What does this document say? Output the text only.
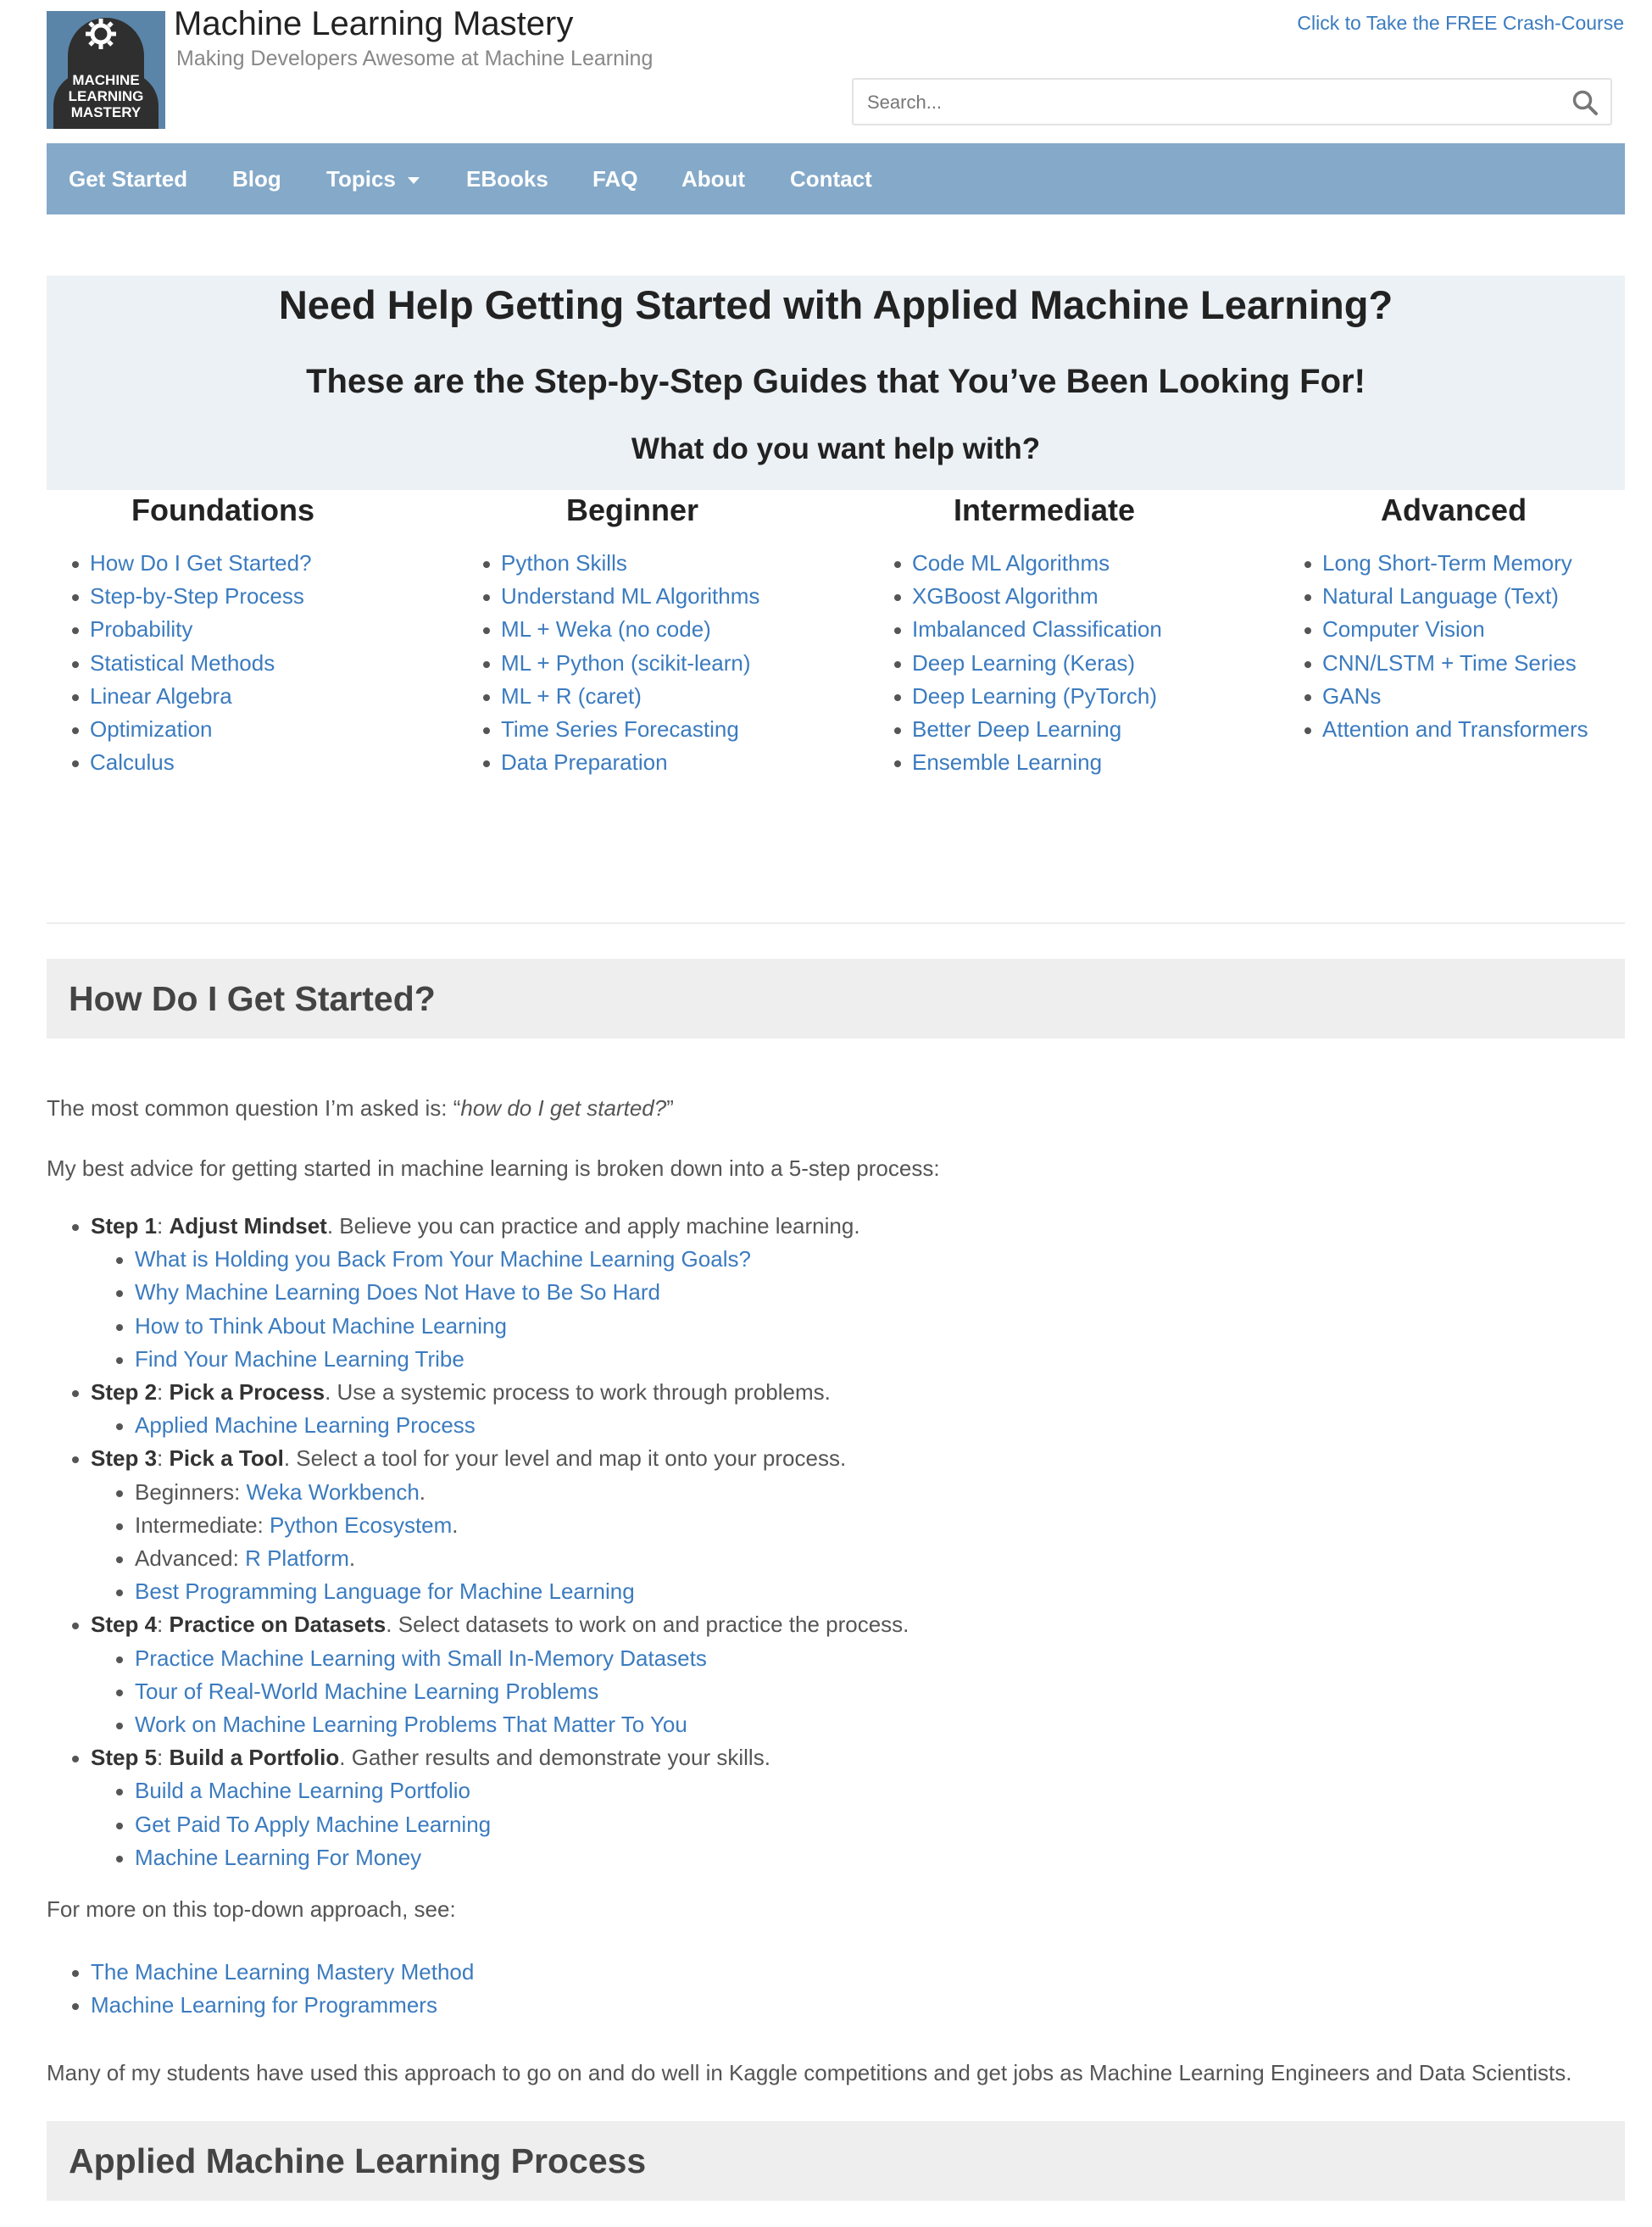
MACHINE LEARNING MASTERY
Machine Learning Mastery
Making Developers Awesome at Machine Learning
Click to Take the FREE Crash-Course
Search...
Get Started Blog Topics	EBooks FAQ About Contact
Need Help Getting Started with Applied Machine Learning?
These are the Step-by-Step Guides that You’ve Been Looking For!
What do you want help with?
Foundations
How Do I Get Started?
Step-by-Step Process
Probability
Statistical Methods
Linear Algebra
Optimization
Calculus
Beginner
Python Skills
Understand ML Algorithms
ML + Weka (no code)
ML + Python (scikit-learn)
ML + R (caret)
Time Series Forecasting
Data Preparation
Intermediate
Code ML Algorithms
XGBoost Algorithm
Imbalanced Classification
Deep Learning (Keras)
Deep Learning (PyTorch)
Better Deep Learning
Ensemble Learning
Advanced
Long Short-Term Memory
Natural Language (Text)
Computer Vision
CNN/LSTM + Time Series
GANs
Attention and Transformers
How Do I Get Started?
The most common question I’m asked is: “how do I get started?”
My best advice for getting started in machine learning is broken down into a 5-step process:
Step 1: Adjust Mindset. Believe you can practice and apply machine learning.
What is Holding you Back From Your Machine Learning Goals?
Why Machine Learning Does Not Have to Be So Hard
How to Think About Machine Learning
Find Your Machine Learning Tribe
Step 2: Pick a Process. Use a systemic process to work through problems.
Applied Machine Learning Process
Step 3: Pick a Tool. Select a tool for your level and map it onto your process.
Beginners: Weka Workbench.
Intermediate: Python Ecosystem.
Advanced: R Platform.
Best Programming Language for Machine Learning
Step 4: Practice on Datasets. Select datasets to work on and practice the process.
Practice Machine Learning with Small In-Memory Datasets
Tour of Real-World Machine Learning Problems
Work on Machine Learning Problems That Matter To You
Step 5: Build a Portfolio. Gather results and demonstrate your skills.
Build a Machine Learning Portfolio
Get Paid To Apply Machine Learning
Machine Learning For Money
For more on this top-down approach, see:
The Machine Learning Mastery Method
Machine Learning for Programmers
Many of my students have used this approach to go on and do well in Kaggle competitions and get jobs as Machine Learning Engineers and Data Scientists.
Applied Machine Learning Process
